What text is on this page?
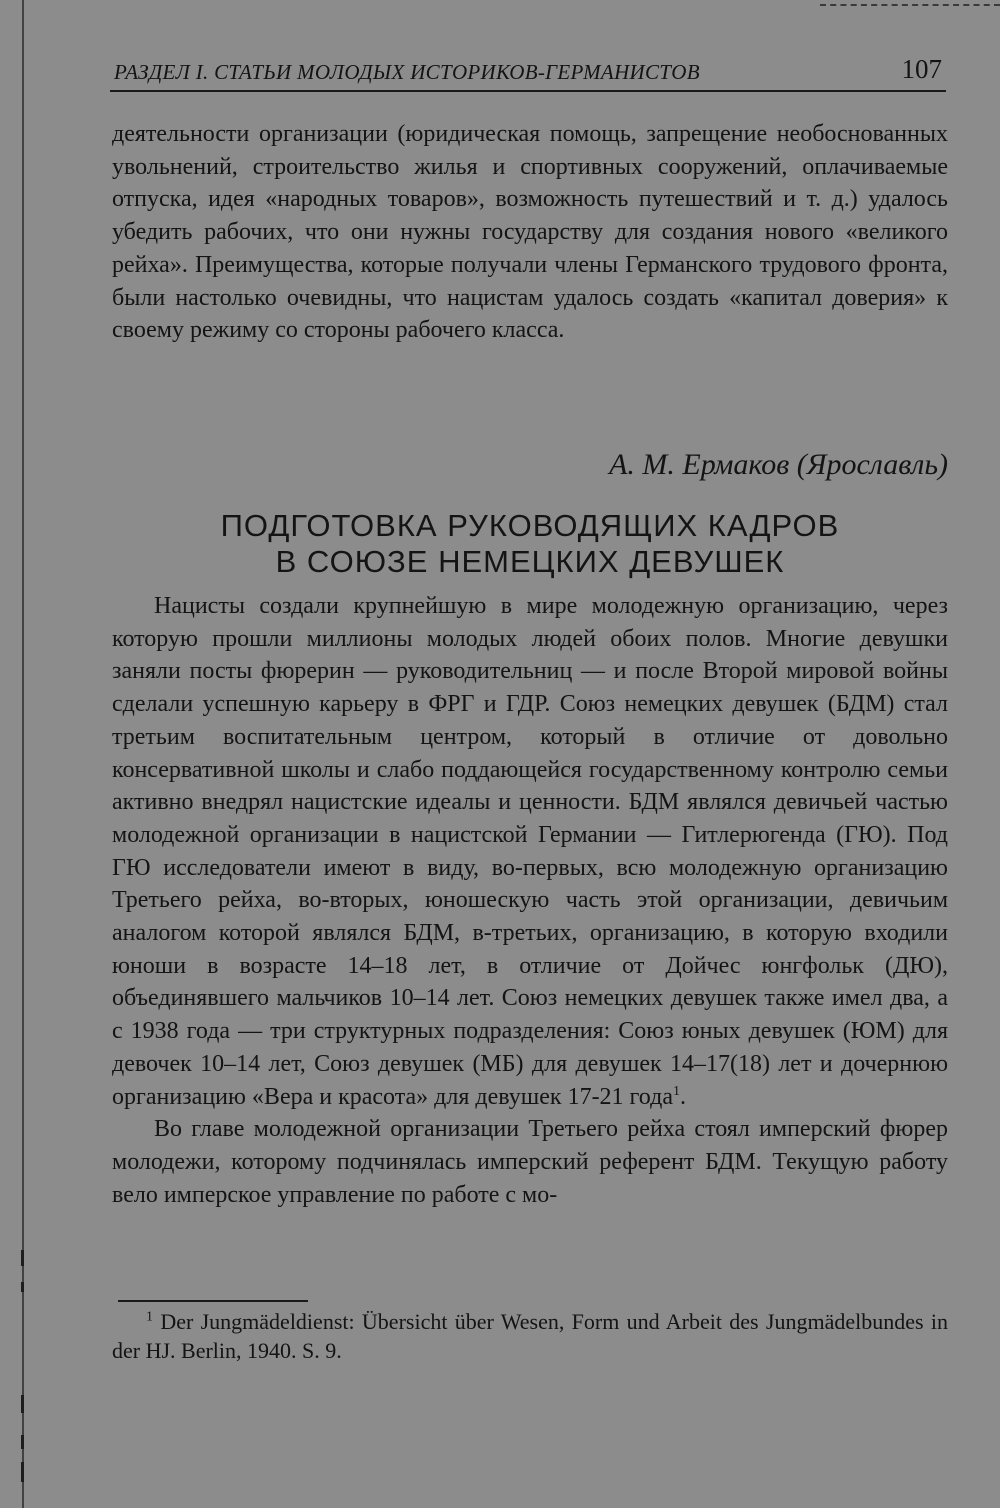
РАЗДЕЛ I. СТАТЬИ МОЛОДЫХ ИСТОРИКОВ-ГЕРМАНИСТОВ	107

деятельности организации (юридическая помощь, запрещение необоснованных увольнений, строительство жилья и спортивных сооружений, оплачиваемые отпуска, идея «народных товаров», возможность путешествий и т. д.) удалось убедить рабочих, что они нужны государству для создания нового «великого рейха». Преимущества, которые получали члены Германского трудового фронта, были настолько очевидны, что нацистам удалось создать «капитал доверия» к своему режиму со стороны рабочего класса.

А. М. Ермаков (Ярославль)
ПОДГОТОВКА РУКОВОДЯЩИХ КАДРОВ
В СОЮЗЕ НЕМЕЦКИХ ДЕВУШЕК

Нацисты создали крупнейшую в мире молодежную организацию, через которую прошли миллионы молодых людей обоих полов. Многие девушки заняли посты фюрерин — руководительниц — и после Второй мировой войны сделали успешную карьеру в ФРГ и ГДР. Союз немецких девушек (БДМ) стал третьим воспитательным центром, который в отличие от довольно консервативной школы и слабо поддающейся государственному контролю семьи активно внедрял нацистские идеалы и ценности. БДМ являлся девичьей частью молодежной организации в нацистской Германии — Гитлерюгенда (ГЮ). Под ГЮ исследователи имеют в виду, во-первых, всю молодежную организацию Третьего рейха, во-вторых, юношескую часть этой организации, девичьим аналогом которой являлся БДМ, в-третьих, организацию, в которую входили юноши в возрасте 14–18 лет, в отличие от Дойчес юнгфольк (ДЮ), объединявшего мальчиков 10–14 лет. Союз немецких девушек также имел два, а с 1938 года — три структурных подразделения: Союз юных девушек (ЮМ) для девочек 10–14 лет, Союз девушек (МБ) для девушек 14–17(18) лет и дочернюю организацию «Вера и красота» для девушек 17-21 года$^1$.

Во главе молодежной организации Третьего рейха стоял имперский фюрер молодежи, которому подчинялась имперский референт БДМ. Текущую работу вело имперское управление по работе с мо-

$^1$ Der Jungmädeldienst: Übersicht über Wesen, Form und Arbeit des Jungmädelbundes in der HJ. Berlin, 1940. S. 9.
